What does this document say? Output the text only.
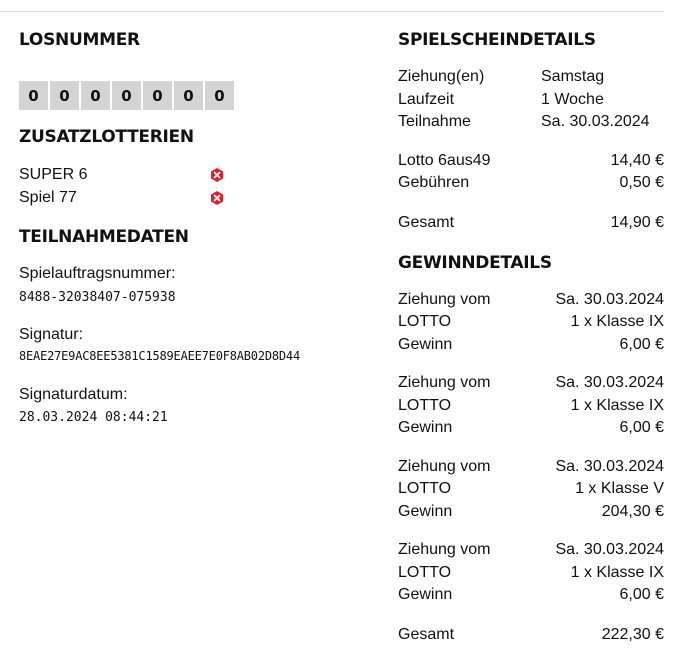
LOSNUMMER
0	0	0	0	0	0	0
ZUSATZLOTTERIEN
SUPER 6
Spiel 77
TEILNAHMEDATEN
Spielauftragsnummer:
8488-32038407-075938
Signatur:
8EAE27E9AC8EE5381C1589EAEE7E0F8AB02D8D44
Signaturdatum:
28.03.2024 08:44:21
SPIELSCHEINDETAILS
Ziehung(en)	Samstag
Laufzeit	1 Woche
Teilnahme	Sa. 30.03.2024
Lotto 6aus49	14,40 €
Gebühren	0,50 €
Gesamt	14,90 €
GEWINNDETAILS
Ziehung vom	Sa. 30.03.2024
LOTTO	1 x Klasse IX
Gewinn	6,00 €
Ziehung vom	Sa. 30.03.2024
LOTTO	1 x Klasse IX
Gewinn	6,00 €
Ziehung vom	Sa. 30.03.2024
LOTTO	1 x Klasse V
Gewinn	204,30 €
Ziehung vom	Sa. 30.03.2024
LOTTO	1 x Klasse IX
Gewinn	6,00 €
Gesamt	222,30 €
